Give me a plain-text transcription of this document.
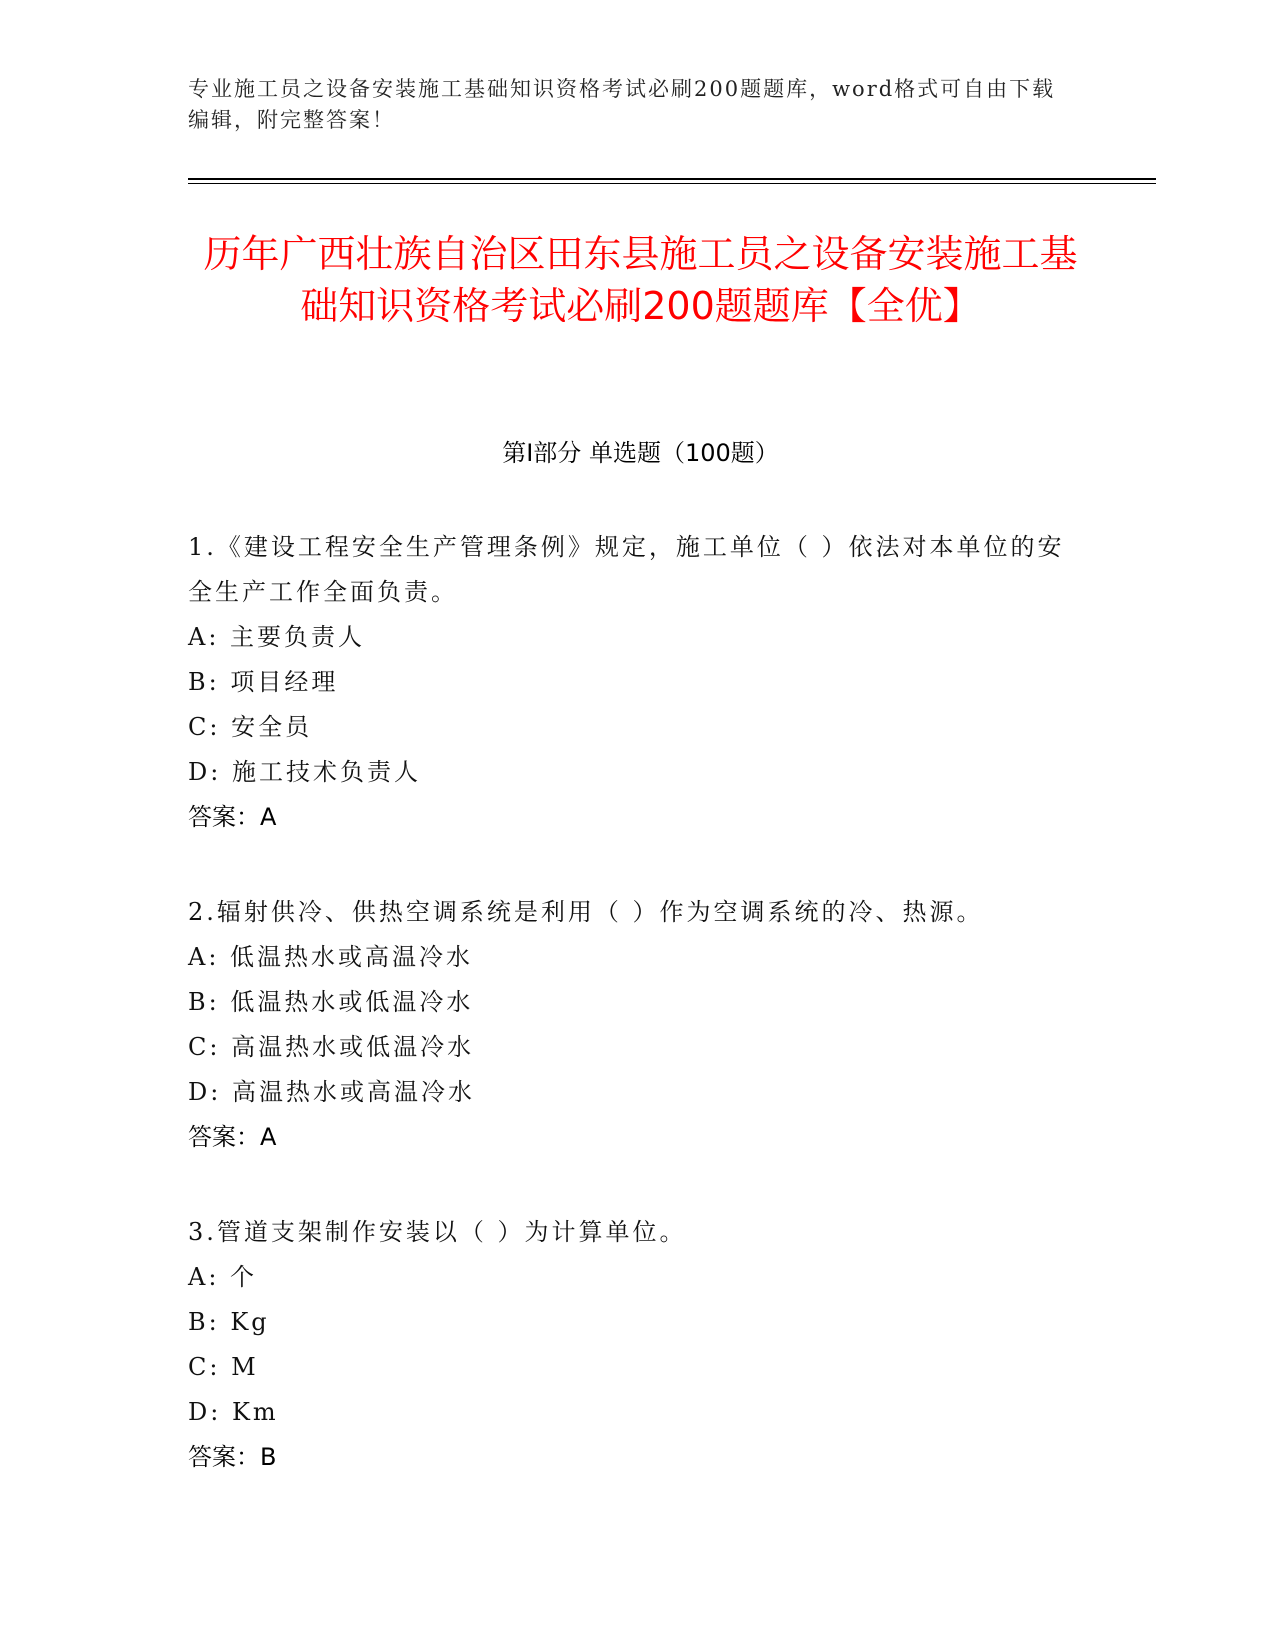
专业施工员之设备安装施工基础知识资格考试必刷200题题库，word格式可自由下载编辑，附完整答案！
历年广西壮族自治区田东县施工员之设备安装施工基础知识资格考试必刷200题题库【全优】
第I部分 单选题（100题）
1.《建设工程安全生产管理条例》规定，施工单位（ ）依法对本单位的安全生产工作全面负责。
A: 主要负责人
B: 项目经理
C: 安全员
D: 施工技术负责人
答案：A
2.辐射供冷、供热空调系统是利用（ ）作为空调系统的冷、热源。
A: 低温热水或高温冷水
B: 低温热水或低温冷水
C: 高温热水或低温冷水
D: 高温热水或高温冷水
答案：A
3.管道支架制作安装以（ ）为计算单位。
A: 个
B: Kg
C: M
D: Km
答案：B
